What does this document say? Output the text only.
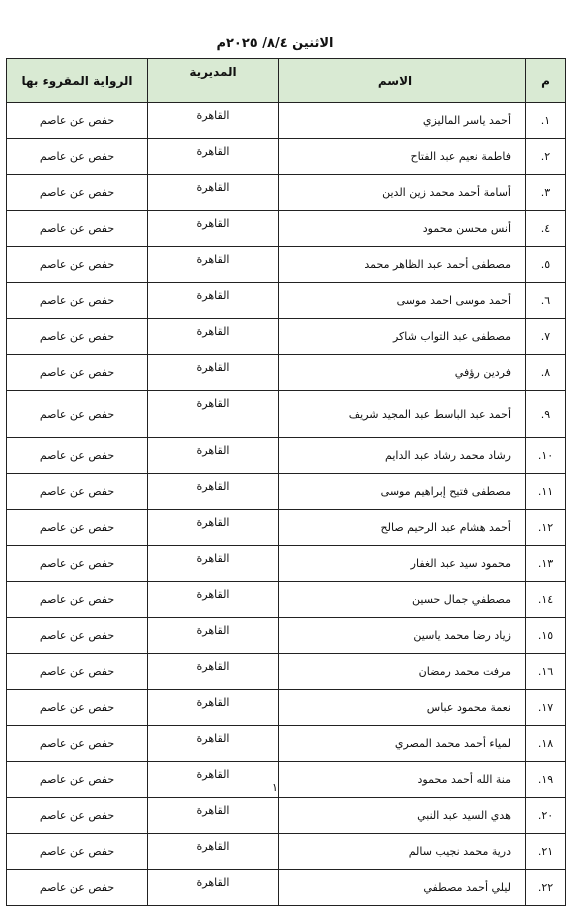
الاثنين ٨/٤/ ٢٠٢٥م
م	الاسم	المديرية	الرواية المقروء بها
١.	أحمد ياسر المالیزي	القاهرة	حفص عن عاصم
٢.	فاطمة نعيم عبد الفتاح	القاهرة	حفص عن عاصم
٣.	أسامة أحمد محمد زين الدين	القاهرة	حفص عن عاصم
٤.	أنس محسن محمود	القاهرة	حفص عن عاصم
٥.	مصطفى أحمد عبد الظاهر محمد	القاهرة	حفص عن عاصم
٦.	أحمد موسى احمد موسى	القاهرة	حفص عن عاصم
٧.	مصطفى عبد التواب شاكر	القاهرة	حفص عن عاصم
٨.	فردين رؤفي	القاهرة	حفص عن عاصم
٩.	أحمد عبد الباسط عبد المجيد شريف	القاهرة	حفص عن عاصم
١٠.	رشاد محمد رشاد عبد الدايم	القاهرة	حفص عن عاصم
١١.	مصطفى فتيح إبراهيم موسى	القاهرة	حفص عن عاصم
١٢.	أحمد هشام عبد الرحيم صالح	القاهرة	حفص عن عاصم
١٣.	محمود سيد عبد الغفار	القاهرة	حفص عن عاصم
١٤.	مصطفي جمال حسين	القاهرة	حفص عن عاصم
١٥.	زياد رضا محمد ياسين	القاهرة	حفص عن عاصم
١٦.	مرفت محمد رمضان	القاهرة	حفص عن عاصم
١٧.	نعمة محمود عباس	القاهرة	حفص عن عاصم
١٨.	لمياء أحمد محمد المصري	القاهرة	حفص عن عاصم
١٩.	منة الله أحمد محمود	القاهرة	حفص عن عاصم
٢٠.	هدي السيد عبد النبي	القاهرة	حفص عن عاصم
٢١.	درية محمد نجيب سالم	القاهرة	حفص عن عاصم
٢٢.	ليلي أحمد مصطفي	القاهرة	حفص عن عاصم
١
